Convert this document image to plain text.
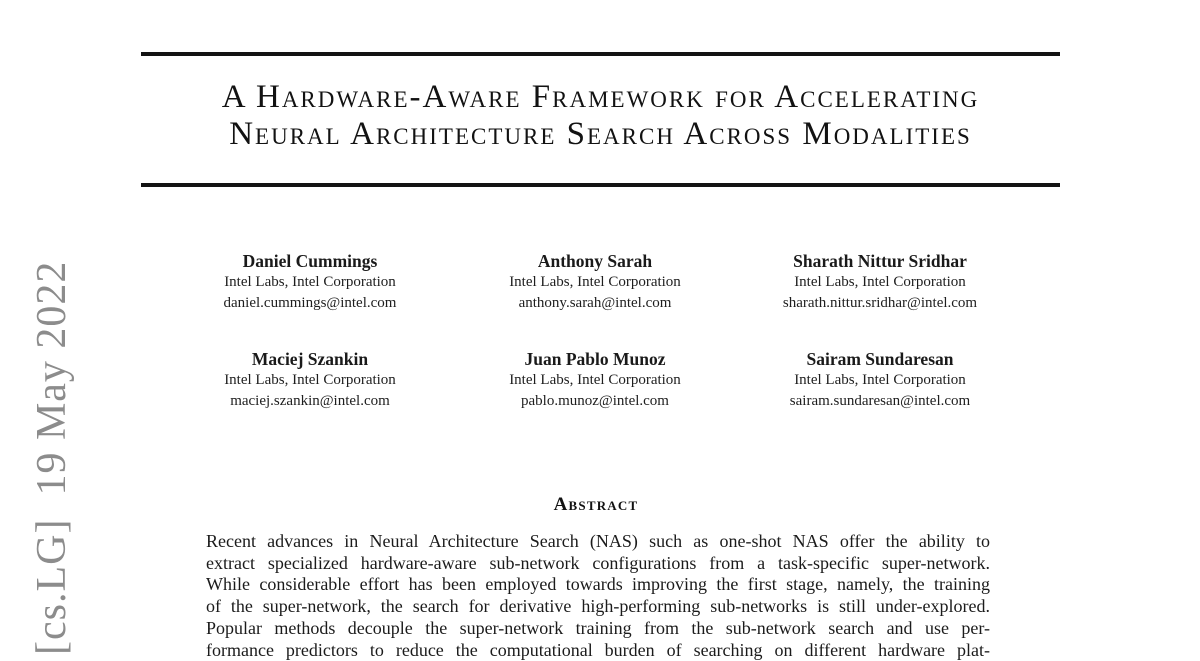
[cs.LG]  19 May 2022
A Hardware-Aware Framework for Accelerating
Neural Architecture Search Across Modalities
Daniel Cummings
Intel Labs, Intel Corporation
daniel.cummings@intel.com
Anthony Sarah
Intel Labs, Intel Corporation
anthony.sarah@intel.com
Sharath Nittur Sridhar
Intel Labs, Intel Corporation
sharath.nittur.sridhar@intel.com
Maciej Szankin
Intel Labs, Intel Corporation
maciej.szankin@intel.com
Juan Pablo Munoz
Intel Labs, Intel Corporation
pablo.munoz@intel.com
Sairam Sundaresan
Intel Labs, Intel Corporation
sairam.sundaresan@intel.com
Abstract
Recent advances in Neural Architecture Search (NAS) such as one-shot NAS offer the ability to
extract specialized hardware-aware sub-network configurations from a task-specific super-network.
While considerable effort has been employed towards improving the first stage, namely, the training
of the super-network, the search for derivative high-performing sub-networks is still under-explored.
Popular methods decouple the super-network training from the sub-network search and use per-
formance predictors to reduce the computational burden of searching on different hardware plat-
